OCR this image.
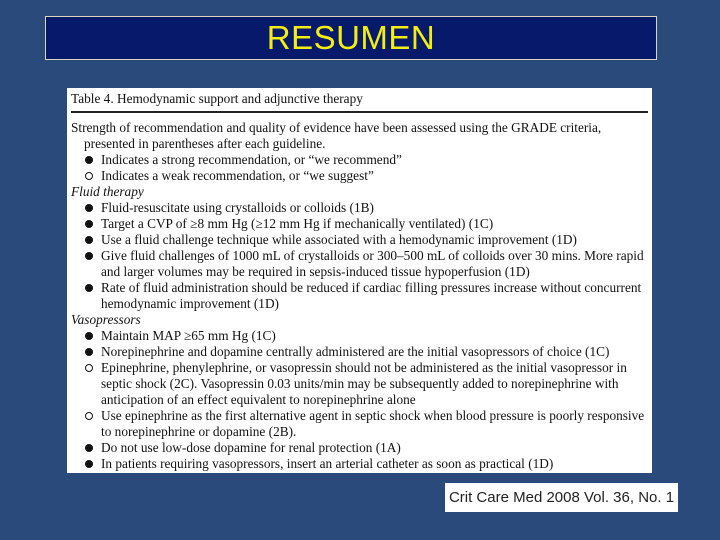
RESUMEN
Table 4. Hemodynamic support and adjunctive therapy
Strength of recommendation and quality of evidence have been assessed using the GRADE criteria, presented in parentheses after each guideline.
Indicates a strong recommendation, or “we recommend”
Indicates a weak recommendation, or “we suggest”
Fluid therapy
Fluid-resuscitate using crystalloids or colloids (1B)
Target a CVP of ≥8 mm Hg (≥12 mm Hg if mechanically ventilated) (1C)
Use a fluid challenge technique while associated with a hemodynamic improvement (1D)
Give fluid challenges of 1000 mL of crystalloids or 300–500 mL of colloids over 30 mins. More rapid and larger volumes may be required in sepsis-induced tissue hypoperfusion (1D)
Rate of fluid administration should be reduced if cardiac filling pressures increase without concurrent hemodynamic improvement (1D)
Vasopressors
Maintain MAP ≥65 mm Hg (1C)
Norepinephrine and dopamine centrally administered are the initial vasopressors of choice (1C)
Epinephrine, phenylephrine, or vasopressin should not be administered as the initial vasopressor in septic shock (2C). Vasopressin 0.03 units/min may be subsequently added to norepinephrine with anticipation of an effect equivalent to norepinephrine alone
Use epinephrine as the first alternative agent in septic shock when blood pressure is poorly responsive to norepinephrine or dopamine (2B).
Do not use low-dose dopamine for renal protection (1A)
In patients requiring vasopressors, insert an arterial catheter as soon as practical (1D)
Crit Care Med 2008 Vol. 36, No. 1
